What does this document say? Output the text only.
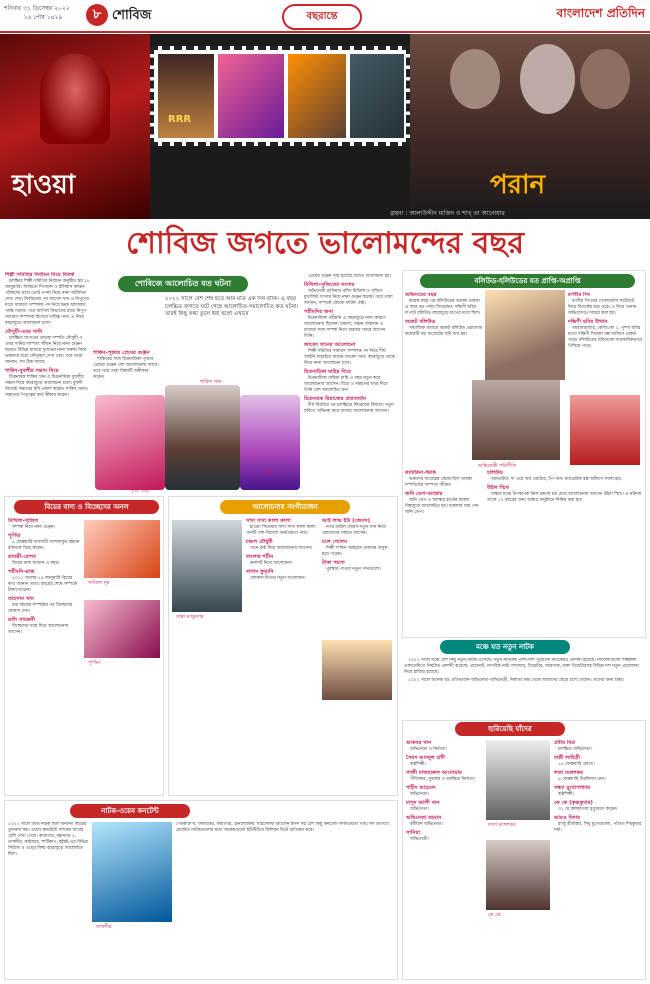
শনিবার ৩১ ডিসেম্বর ২০২২
১৬ পৌষ ১৪২৯	৮ শোবিজ	বছরান্তে	বাংলাদেশ প্রতিদিন
হাওয়া
RRR
পরান
গ্রন্থনা : আলাউদ্দীন মাজিদ ও শাখ্‌ তা আনোয়ার
শোবিজ জগতে ভালোমন্দের বছর
শিল্পী সমিতির নির্বাচন নিয়ে বিতর্ক

চলচ্চিত্র শিল্পী সমিতির নির্বাচন অনুষ্ঠিত হয় ২৮ জানুয়ারি। নির্বাচনে দিপজল ও ইলিয়াস কাঞ্চন পরিষদের মধ্যে ভোট গণনা নিয়ে নানা জটিলতা দেখা দেয়। নির্বাচনের পর জায়েদ খান ও নিপুণের মধ্যে সাধারণ সম্পাদক পদ নিয়ে দ্বন্দ্ব আদালত পর্যন্ত গড়ায়। পরে আপিল বিভাগের রায়ে নিপুণ সাধারণ সম্পাদক হিসেবে দায়িত্ব পান। এ নিয়ে বছরজুড়ে আলোচনা চলে।

মৌসুমী-ওমর সানি

চলচ্চিত্র জগতের তারকা দম্পতি মৌসুমী ও ওমর সানির দাম্পত্য জীবন নিয়ে নানা গুঞ্জন ছড়ায়। বিভিন্ন মাধ্যমে দুজনের নানা বক্তব্য নিয়ে ভক্তদের মধ্যে কৌতূহল দেখা দেয়। পরে তারা জানান, সব ঠিক আছে।

শাকিব-বুবলীর সন্তান নিয়ে

চিত্রনায়ক শাকিব খান ও চিত্রনায়িকা বুবলীর সন্তান নিয়ে বছরজুড়ে আলোচনা চলে। বুবলী নিজেই সন্তানের ছবি প্রকাশ করেন। শাকিব খানও সন্তানের পিতৃত্বের কথা স্বীকার করেন।

শোবিজে আলোচিত যত ঘটনা
২০২২ সালে বেশ শেষ হতে আর মাত্র এক দিন বাকি। এ বছর চলচ্চিত্র জগতে ঘটে গেছে আলোচিত-সমালোচিত কত ঘটনা। তারই কিছু কথা তুলে ধরা হলো এখানে
শাকিব-পূজার প্রেমের গুঞ্জন

শাকিবের সঙ্গে চিত্রনায়িকা পূজার প্রেমের গুঞ্জন বেশ আলোচনায় আসে। তবে পরে তারা বিষয়টি অস্বীকার করেন।

শাকিব খান
পূজা চেরী
বুবলী

প্রেমের গুঞ্জন সৃষ্টি হয়েছে বলেও আলোচনা হয়।

মিথিলা-সৃজিতের সংসার

অভিনেত্রী রাফিয়াথ রশিদ মিথিলা ও সৃজিত মুখার্জির সংসার নিয়ে নানা গুঞ্জন ছড়ায়। তবে তারা জানান, সম্পর্কে কোনো ফাটল নেই।

পরীমনির জন্য

চিত্রনায়িকা পরীমনি এ বছরজুড়ে নানা কারণে আলোচনায় ছিলেন। মামলা, সন্তান জন্মদান ও রাজের সঙ্গে সম্পর্ক নিয়ে বারবার খবরে আসেন তিনি।

জায়েদ খানের আলোচনা

শিল্পী সমিতির সাধারণ সম্পাদক পদ নিয়ে দীর্ঘ আইনি লড়াইয়ে জড়ান জায়েদ খান। বছরজুড়ে তাকে নিয়ে নানা আলোচনা চলে।

চিত্রনায়িকা মাহির বিয়ে

চিত্রনায়িকা মাহিয়া মাহি এ বছর নতুন করে আলোচনায় আসেন। বিয়ে ও সন্তানের খবর দিয়ে তিনি বেশ আলোচিত হন।

চিত্রনায়ক রিয়াজের প্রত্যাবর্তন

দীর্ঘ বিরতির পর চলচ্চিত্রে ফিরেছেন রিয়াজ। নতুন ছবিতে অভিনয় করে আবার আলোচনায় আসেন।

বলিউড-হলিউডের যত প্রাপ্তি-অপ্রাপ্তি
অভিনয়ের বছর

কয়েক বছর পর বলিউডের অনেক তারকা এ বছর বড় পর্দায় ফিরেছেন। দক্ষিণী ছবির দাপটে বলিউড বছরজুড়ে চাপের মধ্যে ছিল।

বয়কট বলিউড

সামাজিক মাধ্যমে বয়কট বলিউড প্রচারণায় কয়েকটি বড় বাজেটের ছবি ব্যর্থ হয়।

রণবীর সিং

রণবীর সিংয়ের খোলামেলা ফটোশুট নিয়ে বিতর্কের ঝড় ওঠে। এ নিয়ে থানায় অভিযোগও দায়ের করা হয়।

দক্ষিণী ছবির উত্থান

আরআরআর, কেজিএফ ২, পুষ্পা ছবির মতো দক্ষিণী সিনেমা বক্স অফিসে রেকর্ড গড়ে। বলিউডের ছবিগুলো ব্যবসায়িকভাবে পিছিয়ে পড়ে।

অভিনেত্রী পরিণীতি
ক্যাটরিনা-ভিকি

ভক্তদের আগ্রহের কেন্দ্রে ছিল তারকা দম্পতিদের দাম্পত্য জীবন।

জনি ডেপ-অ্যাম্বার

জনি ডেপ ও অ্যাম্বার হার্ডের মামলা বিশ্বজুড়ে আলোচিত হয়। মামলায় জয় পান জনি ডেপ।

হলিউড

অ্যাভাটার: দ্য ওয়ে অব ওয়াটার, টপ গান: ম্যাভেরিক বক্স অফিসে সফল হয়।

উইল স্মিথ

অস্কার মঞ্চে উপস্থাপক ক্রিস রককে চড় মেরে আলোচনায় আসেন উইল স্মিথ। এ ঘটনায় তাকে ১০ বছরের জন্য অস্কার অনুষ্ঠানে নিষিদ্ধ করা হয়।

বিয়ের বাদ্য ও বিচ্ছেদের অনল
মিথিলা-সৃজিত

সম্পর্ক নিয়ে নানা গুঞ্জন।

পূর্ণিমা

৪ ফেব্রুয়ারি ব্যবসায়ী আশফাকুর রহমান রবিনকে বিয়ে করেন।

শ্রাবন্তী-রোশন

বিয়ের বাদ্য বাজান এ বছর।

পরীমনি-রাজ

২০২২ সালের ২৪ জানুয়ারি বিয়ের কথা জানান তারা। বছরের শেষে সম্পর্কে টানাপোড়েন।

তাহসান খান

চার বছরের সম্পর্কের পর বিচ্ছেদের ঘোষণা দেন।

ডলি সায়ন্তনী

বিচ্ছেদের খবর দিয়ে আলোচনায় আসেন।

সাবিলা নূর
পূর্ণিমা
আলোচনায় সংগীতাঙ্গন
বাপ্পা মজুমদার
সাদা সাদা কালা কালা

হাওয়া সিনেমার সাদা সাদা কালা কালা গানটি দেশ-বিদেশে জনপ্রিয়তা পায়।

চঞ্চল চৌধুরী

গানে কণ্ঠ দিয়ে আলোচনায় আসেন।

বাংলার শচীন

কনসার্ট নিয়ে আলোচনা।

বাগান কুড়ানি

লোকসংগীতের নতুন সংযোজন।

আই লাভ ইউ (জেমস)

নগর বাউল জেমস নতুন গান নিয়ে শ্রোতাদের সামনে আসেন।

চলে গেলেন

শিল্পী শাফিন আহমেদ গুরুতর অসুস্থ হয়ে পড়েন।

টাকা পয়সা

পুরস্কার পাওয়া নতুন গানগুলো।

মঞ্চে যত নতুন নাটক

২০২২ সালে মঞ্চে বেশ কিছু নতুন নাটক এসেছে। নতুন নাটকের পাশাপাশি পুরোনো নাটকেরও প্রদর্শনী হয়েছে। নাট্যদলগুলো শিল্পকলা একাডেমিতে নিয়মিত প্রদর্শনী করেছে। প্রাচ্যনাট, নাগরিক নাট্য সম্প্রদায়, থিয়েটার, আরণ্যক, ঢাকা থিয়েটারসহ বিভিন্ন দল নতুন প্রযোজনা নিয়ে হাজির হয়েছে।

২০২২ সালে অনেক বড় প্রতিভাবান অভিনেতা-অভিনেত্রী, নির্মাতা মঞ্চ থেকে আমাদের ছেড়ে চলে গেছেন। তাদের জন্য শ্রদ্ধা।

হারিয়েছি যাঁদের
আকবর খান

অভিনেতা ও নির্মাতা।

সৈয়দ আবদুল হাদী

কণ্ঠশিল্পী।

গাজী মাজহারুল আনোয়ার

গীতিকার, সুরকার ও চলচ্চিত্র নির্মাতা।

শাহীদ আহমেদ

অভিনেতা।

মাসুদ আলী খান

অভিনেতা।

অভিনেতা রহমান

বর্ষীয়ান অভিনেতা।

সানিয়া

অভিনেত্রী।

লতা মঙ্গেশকর
কে কে
প্রবীর মিত্র

চলচ্চিত্র অভিনেতা।

বাপ্পী লাহিড়ী

১৫ ফেব্রুয়ারি প্রয়াত।

লতা মঙ্গেশকর

৬ ফেব্রুয়ারি চিরবিদায় নেন।

সন্ধ্যা মুখোপাধ্যায়

কণ্ঠশিল্পী।

কে কে (কৃষ্ণকুমার)

৩১ মে কলকাতায় মৃত্যুবরণ করেন।

আরও বিদায়

রাজু শ্রীবাস্তব, সিধু মুসেওয়ালা, পণ্ডিত শিবকুমার শর্মা।

নাটক-ওয়েব কনটেন্ট
২০২২ সালে টিভি নাটক ছিল অন্যান্য বছরের তুলনায় কম। ওয়েব কনটেন্টে দর্শকের আগ্রহ বেশি দেখা গেছে। কারাগার, মহানগর ২, তাকদীর, কাইজার, শাটিকাপ, হইচই-এর বিভিন্ন সিরিজ ও ওয়েব ফিল্ম বছরজুড়ে আলোচিত ছিল।
তাকদীর
পেটকাটা ষ, সিন্ডিকেট, কারাগার, ঊনলৌকিক, মাইসেলফ অ্যালেন স্বপন সহ বেশ কিছু কনটেন্ট দর্শকপ্রিয়তা পায়। ঈদ উৎসবে প্রচারিত নাটকগুলোর মধ্যে অনেকগুলো ইউটিউবে মিলিয়ন ভিউ অতিক্রম করে।
